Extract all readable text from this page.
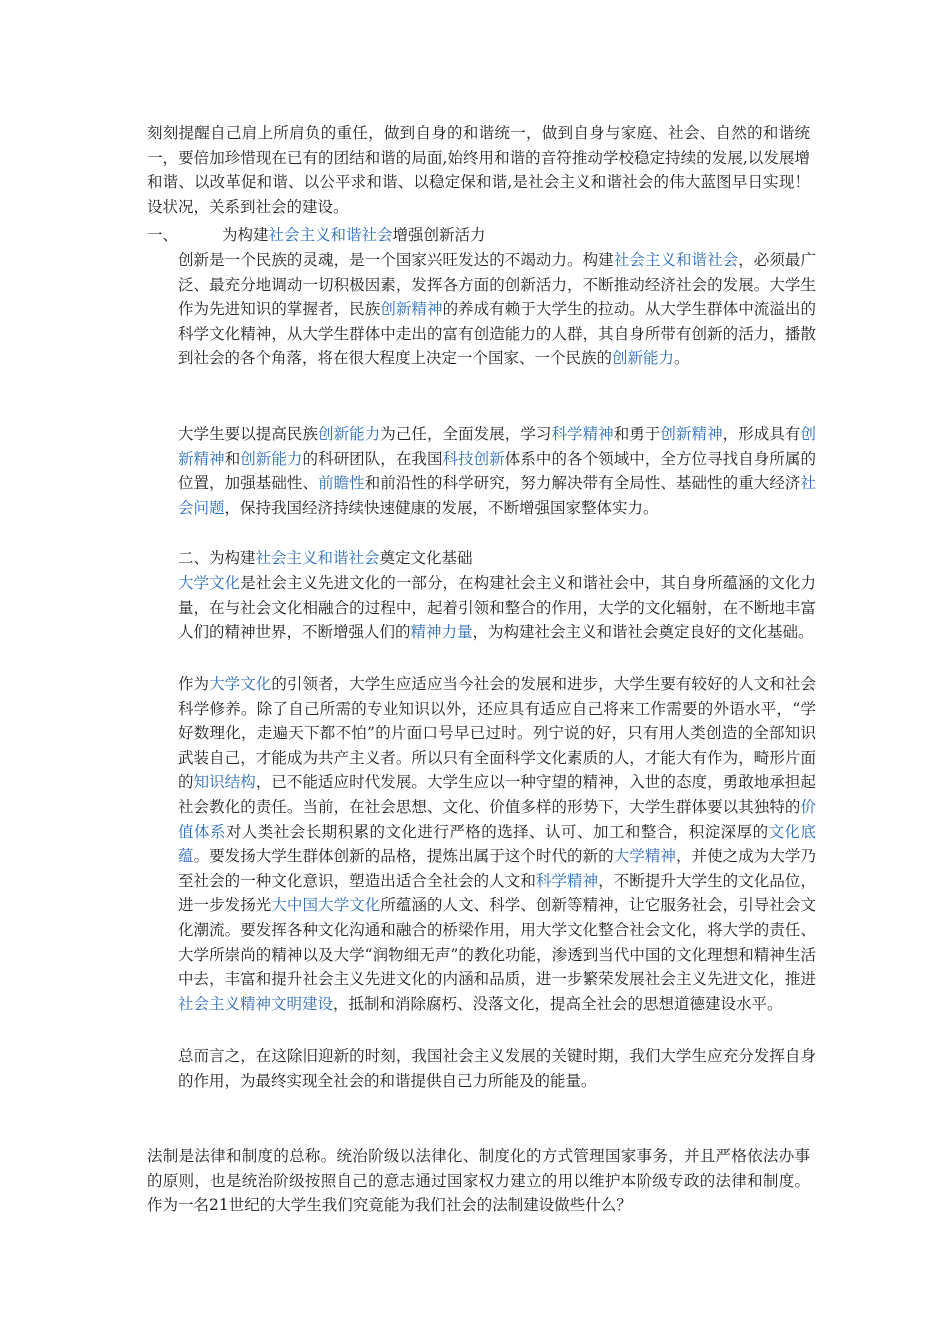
刻刻提醒自己肩上所肩负的重任，做到自身的和谐统一，做到自身与家庭、社会、自然的和谐统一，要倍加珍惜现在已有的团结和谐的局面,始终用和谐的音符推动学校稳定持续的发展,以发展增和谐、以改革促和谐、以公平求和谐、以稳定保和谐,是社会主义和谐社会的伟大蓝图早日实现！设状况，关系到社会的建设。

一、	为构建社会主义和谐社会增强创新活力

创新是一个民族的灵魂，是一个国家兴旺发达的不竭动力。构建社会主义和谐社会，必须最广泛、最充分地调动一切积极因素，发挥各方面的创新活力，不断推动经济社会的发展。大学生作为先进知识的掌握者，民族创新精神的养成有赖于大学生的拉动。从大学生群体中流溢出的科学文化精神，从大学生群体中走出的富有创造能力的人群，其自身所带有创新的活力，播散到社会的各个角落，将在很大程度上决定一个国家、一个民族的创新能力。

大学生要以提高民族创新能力为己任，全面发展，学习科学精神和勇于创新精神，形成具有创新精神和创新能力的科研团队，在我国科技创新体系中的各个领域中，全方位寻找自身所属的位置，加强基础性、前瞻性和前沿性的科学研究，努力解决带有全局性、基础性的重大经济社会问题，保持我国经济持续快速健康的发展，不断增强国家整体实力。

二、为构建社会主义和谐社会奠定文化基础

大学文化是社会主义先进文化的一部分，在构建社会主义和谐社会中，其自身所蕴涵的文化力量，在与社会文化相融合的过程中，起着引领和整合的作用，大学的文化辐射，在不断地丰富人们的精神世界，不断增强人们的精神力量，为构建社会主义和谐社会奠定良好的文化基础。

作为大学文化的引领者，大学生应适应当今社会的发展和进步，大学生要有较好的人文和社会科学修养。除了自己所需的专业知识以外，还应具有适应自己将来工作需要的外语水平，“学好数理化，走遍天下都不怕”的片面口号早已过时。列宁说的好，只有用人类创造的全部知识武装自己，才能成为共产主义者。所以只有全面科学文化素质的人，才能大有作为，畸形片面的知识结构，已不能适应时代发展。大学生应以一种守望的精神，入世的态度，勇敢地承担起社会教化的责任。当前，在社会思想、文化、价值多样的形势下，大学生群体要以其独特的价值体系对人类社会长期积累的文化进行严格的选择、认可、加工和整合，积淀深厚的文化底蕴。要发扬大学生群体创新的品格，提炼出属于这个时代的新的大学精神，并使之成为大学乃至社会的一种文化意识，塑造出适合全社会的人文和科学精神，不断提升大学生的文化品位，进一步发扬光大中国大学文化所蕴涵的人文、科学、创新等精神，让它服务社会，引导社会文化潮流。要发挥各种文化沟通和融合的桥梁作用，用大学文化整合社会文化，将大学的责任、大学所崇尚的精神以及大学“润物细无声”的教化功能，渗透到当代中国的文化理想和精神生活中去，丰富和提升社会主义先进文化的内涵和品质，进一步繁荣发展社会主义先进文化，推进社会主义精神文明建设，抵制和消除腐朽、没落文化，提高全社会的思想道德建设水平。

总而言之，在这除旧迎新的时刻，我国社会主义发展的关键时期，我们大学生应充分发挥自身的作用，为最终实现全社会的和谐提供自己力所能及的能量。

法制是法律和制度的总称。统治阶级以法律化、制度化的方式管理国家事务，并且严格依法办事的原则，也是统治阶级按照自己的意志通过国家权力建立的用以维护本阶级专政的法律和制度。作为一名21世纪的大学生我们究竟能为我们社会的法制建设做些什么？
